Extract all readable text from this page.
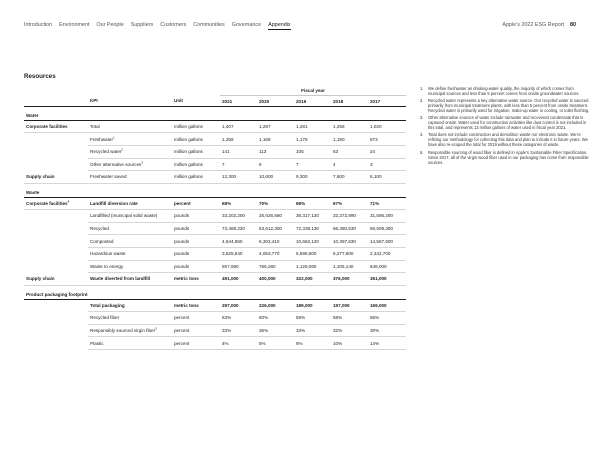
Introduction Environment Our People Suppliers Customers Communities Governance Appendix	Apple’s 2022 ESG Report 80
Resources
			Fiscal year				
	KPI	Unit	2021	2020	2019	2018	2017
Water							
Corporate facilities	Total	million gallons	1,407	1,287	1,281	1,258	1,020
	Freshwater$^1$	million gallons	1,259	1,168	1,176	1,190	973
	Recycled water$^2$	million gallons	141	113	105	63	24
	Other alternative sources$^3$	million gallons	7	6	7	4	3
Supply chain	Freshwater saved	million gallons	12,300	10,600	9,300	7,600	6,100
Waste							
Corporate facilities$^4$	Landfill diversion rate	percent	68%	70%	68%	67%	71%
	Landfilled (municipal solid waste)	pounds	33,202,200	25,626,560	36,317,120	32,372,890	31,595,200
	Recycled	pounds	73,469,220	53,612,300	72,338,130	66,380,630	66,509,300
	Composted	pounds	4,644,960	6,302,410	10,662,120	10,397,630	14,567,500
	Hazardous waste	pounds	3,525,640	4,053,770	5,596,600	6,277,600	2,342,700
	Waste to energy	pounds	557,690	766,260	1,129,060	1,105,140	645,000
Supply chain	Waste diverted from landfill	metric tons	491,000	400,000	322,000	376,000	351,000
Product packaging footprint							
	Total packaging	metric tons	297,000	226,000	189,000	197,000	169,000
	Recycled fiber	percent	63%	60%	59%	58%	56%
	Responsibly sourced virgin fiber$^5$	percent	33%	35%	33%	32%	30%
	Plastic	percent	4%	5%	8%	10%	14%
1.	We define freshwater as drinking-water quality, the majority of which comes from municipal sources and less than 5 percent comes from onsite groundwater sources.
2.	Recycled water represents a key alternative water source. Our recycled water is sourced primarily from municipal treatment plants, with less than 5 percent from onsite treatment. Recycled water is primarily used for irrigation, make-up water in cooling, or toilet flushing.
3.	Other alternative sources of water include rainwater and recovered condensate that is captured onsite. Water used for construction activities like dust control is not included in this total, and represents 13 million gallons of water used in fiscal year 2021.
4.	Total does not include construction and demolition waste nor electronic waste. We’re refining our methodology for collecting this data and plan to include it in future years. We have also re-scoped the total for 2019 without these categories of waste.
5.	Responsible sourcing of wood fiber is defined in Apple’s Sustainable Fiber Specification. Since 2017, all of the virgin wood fiber used in our packaging has come from responsible sources.
